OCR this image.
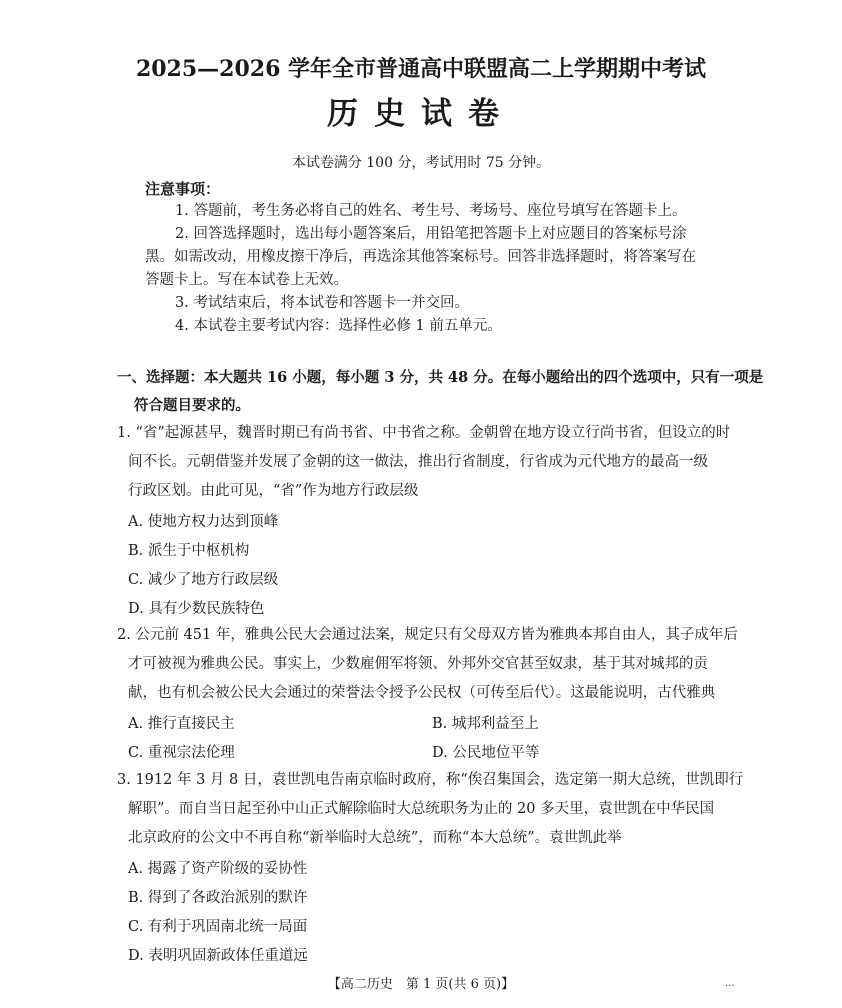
2025—2026 学年全市普通高中联盟高二上学期期中考试
历史试卷
本试卷满分 100 分，考试用时 75 分钟。
注意事项：
1. 答题前，考生务必将自己的姓名、考生号、考场号、座位号填写在答题卡上。
2. 回答选择题时，选出每小题答案后，用铅笔把答题卡上对应题目的答案标号涂
黑。如需改动，用橡皮擦干净后，再选涂其他答案标号。回答非选择题时，将答案写在
答题卡上。写在本试卷上无效。
3. 考试结束后，将本试卷和答题卡一并交回。
4. 本试卷主要考试内容：选择性必修 1 前五单元。
一、选择题：本大题共 16 小题，每小题 3 分，共 48 分。在每小题给出的四个选项中，只有一项是
符合题目要求的。
1. “省”起源甚早，魏晋时期已有尚书省、中书省之称。金朝曾在地方设立行尚书省，但设立的时
间不长。元朝借鉴并发展了金朝的这一做法，推出行省制度，行省成为元代地方的最高一级
行政区划。由此可见，“省”作为地方行政层级
A. 使地方权力达到顶峰
B. 派生于中枢机构
C. 减少了地方行政层级
D. 具有少数民族特色
2. 公元前 451 年，雅典公民大会通过法案，规定只有父母双方皆为雅典本邦自由人，其子成年后
才可被视为雅典公民。事实上，少数雇佣军将领、外邦外交官甚至奴隶，基于其对城邦的贡
献，也有机会被公民大会通过的荣誉法令授予公民权（可传至后代）。这最能说明，古代雅典
A. 推行直接民主	B. 城邦利益至上
C. 重视宗法伦理	D. 公民地位平等
3. 1912 年 3 月 8 日，袁世凯电告南京临时政府，称“俟召集国会，选定第一期大总统，世凯即行
解职”。而自当日起至孙中山正式解除临时大总统职务为止的 20 多天里，袁世凯在中华民国
北京政府的公文中不再自称“新举临时大总统”，而称“本大总统”。袁世凯此举
A. 揭露了资产阶级的妥协性
B. 得到了各政治派别的默许
C. 有利于巩固南北统一局面
D. 表明巩固新政体任重道远
【高二历史　第 1 页(共 6 页)】	...
